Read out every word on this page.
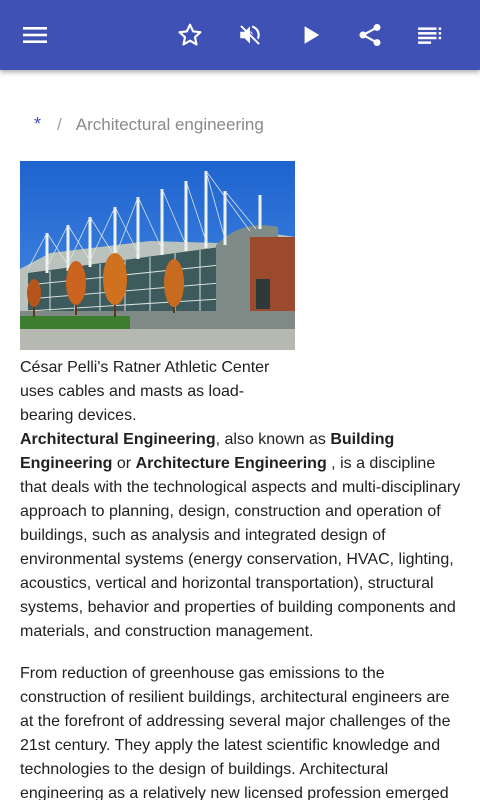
* / Architectural engineering
César Pelli's Ratner Athletic Center uses cables and masts as load-bearing devices.

Architectural Engineering, also known as Building Engineering or Architecture Engineering , is a discipline that deals with the technological aspects and multi-disciplinary approach to planning, design, construction and operation of buildings, such as analysis and integrated design of environmental systems (energy conservation, HVAC, lighting, acoustics, vertical and horizontal transportation), structural systems, behavior and properties of building components and materials, and construction management.

From reduction of greenhouse gas emissions to the construction of resilient buildings, architectural engineers are at the forefront of addressing several major challenges of the 21st century. They apply the latest scientific knowledge and technologies to the design of buildings. Architectural engineering as a relatively new licensed profession emerged
